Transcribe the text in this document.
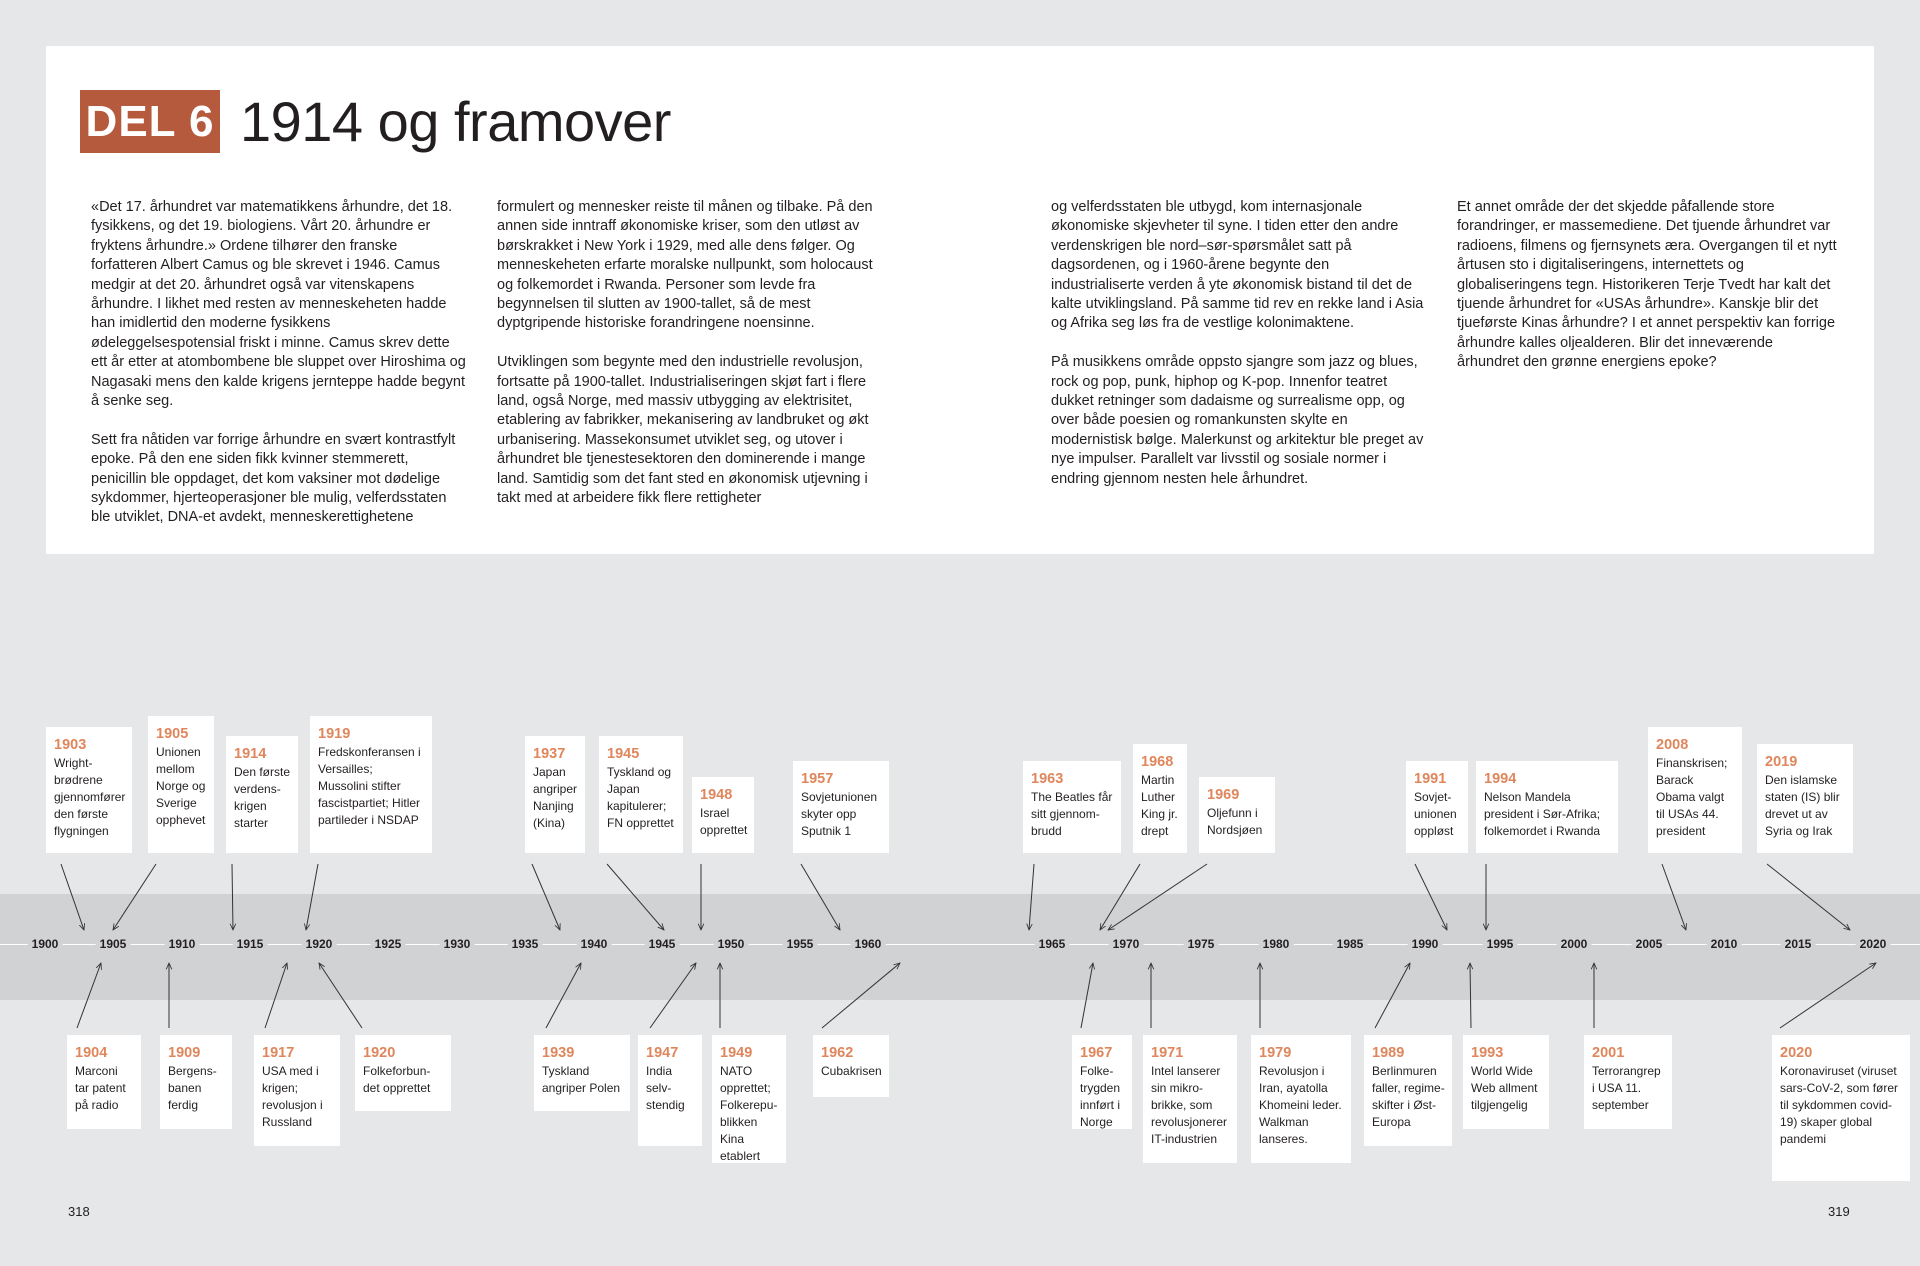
DEL 6 1914 og framover

«Det 17. århundret var matematikkens århundre, det 18. fysikkens, og det 19. biologiens. Vårt 20. århundre er fryktens århundre.» Ordene tilhører den franske forfatteren Albert Camus og ble skrevet i 1946. Camus medgir at det 20. århundret også var vitenskapens århundre. I likhet med resten av menneskeheten hadde han imidlertid den moderne fysikkens ødeleggelsespotensial friskt i minne. Camus skrev dette ett år etter at atombombene ble sluppet over Hiroshima og Nagasaki mens den kalde krigens jernteppe hadde begynt å senke seg.

Sett fra nåtiden var forrige århundre en svært kontrastfylt epoke. På den ene siden fikk kvinner stemmerett, penicillin ble oppdaget, det kom vaksiner mot dødelige sykdommer, hjerteoperasjoner ble mulig, velferdsstaten ble utviklet, DNA-et avdekt, menneskerettighetene

formulert og mennesker reiste til månen og tilbake. På den annen side inntraff økonomiske kriser, som den utløst av børskrakket i New York i 1929, med alle dens følger. Og menneskeheten erfarte moralske nullpunkt, som holocaust og folkemordet i Rwanda. Personer som levde fra begynnelsen til slutten av 1900-tallet, så de mest dyptgripende historiske forandringene noensinne.

Utviklingen som begynte med den industrielle revolusjon, fortsatte på 1900-tallet. Industrialiseringen skjøt fart i flere land, også Norge, med massiv utbygging av elektrisitet, etablering av fabrikker, mekanisering av landbruket og økt urbanisering. Massekonsumet utviklet seg, og utover i århundret ble tjenestesektoren den dominerende i mange land. Samtidig som det fant sted en økonomisk utjevning i takt med at arbeidere fikk flere rettigheter

og velferdsstaten ble utbygd, kom internasjonale økonomiske skjevheter til syne. I tiden etter den andre verdenskrigen ble nord–sør-spørsmålet satt på dagsordenen, og i 1960-årene begynte den industrialiserte verden å yte økonomisk bistand til det de kalte utviklingsland. På samme tid rev en rekke land i Asia og Afrika seg løs fra de vestlige kolonimaktene.

På musikkens område oppsto sjangre som jazz og blues, rock og pop, punk, hiphop og K-pop. Innenfor teatret dukket retninger som dadaisme og surrealisme opp, og over både poesien og romankunsten skylte en modernistisk bølge. Malerkunst og arkitektur ble preget av nye impulser. Parallelt var livsstil og sosiale normer i endring gjennom nesten hele århundret.

Et annet område der det skjedde påfallende store forandringer, er massemediene. Det tjuende århundret var radioens, filmens og fjernsynets æra. Overgangen til et nytt årtusen sto i digitaliseringens, internettets og globaliseringens tegn. Historikeren Terje Tvedt har kalt det tjuende århundret for «USAs århundre». Kanskje blir det tjueførste Kinas århundre? I et annet perspektiv kan forrige århundre kalles oljealderen. Blir det inneværende århundret den grønne energiens epoke?

1900	1905	1910	1915	1920	1925	1930	1935	1940	1945	1950	1955	1960	1965	1970	1975	1980	1985	1990	1995	2000	2005	2010	2015	2020
1903
Wright-brødrene gjennomfører den første flygningen
1905
Unionen mellom Norge og Sverige opphevet
1914
Den første verdens-krigen starter
1919
Fredskonferansen i Versailles; Mussolini stifter fascistpartiet; Hitler partileder i NSDAP
1937
Japan angriper Nanjing (Kina)
1945
Tyskland og Japan kapitulerer; FN opprettet
1948
Israel opprettet
1957
Sovjetunionen skyter opp Sputnik 1
1963
The Beatles får sitt gjennom-brudd
1968
Martin Luther King jr. drept
1969
Oljefunn i Nordsjøen
1991
Sovjet-unionen oppløst
1994
Nelson Mandela president i Sør-Afrika; folkemordet i Rwanda
2008
Finanskrisen; Barack Obama valgt til USAs 44. president
2019
Den islamske staten (IS) blir drevet ut av Syria og Irak
1904
Marconi tar patent på radio
1909
Bergens-banen ferdig
1917
USA med i krigen; revolusjon i Russland
1920
Folkeforbun-det opprettet
1939
Tyskland angriper Polen
1947
India selv-stendig
1949
NATO opprettet; Folkerepu-blikken Kina etablert
1962
Cubakrisen
1967
Folke-trygden innført i Norge
1971
Intel lanserer sin mikro-brikke, som revolusjonerer IT-industrien
1979
Revolusjon i Iran, ayatolla Khomeini leder. Walkman lanseres.
1989
Berlinmuren faller, regime-skifter i Øst-Europa
1993
World Wide Web allment tilgjengelig
2001
Terrorangrep i USA 11. september
2020
Koronaviruset (viruset sars-CoV-2, som fører til sykdommen covid-19) skaper global pandemi
318	319
